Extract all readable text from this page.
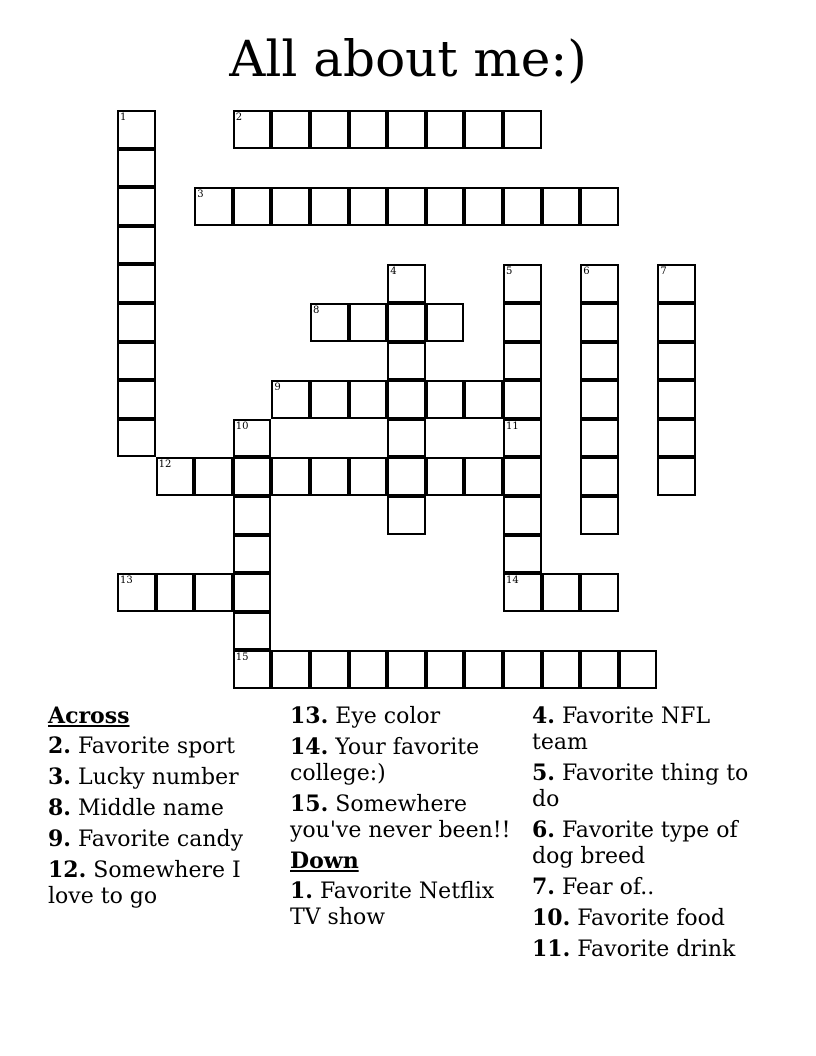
All about me:)
1	2
3
4	5	6	7
8
9
10
15
11
14
12
13
Across
2. Favorite sport
3. Lucky number
8. Middle name
9. Favorite candy
12. Somewhere I love to go
13. Eye color
14. Your favorite college:)
15. Somewhere you've never been!!
Down
1. Favorite Netflix TV show
4. Favorite NFL team
5. Favorite thing to do
6. Favorite type of dog breed
7. Fear of..
10. Favorite food
11. Favorite drink
